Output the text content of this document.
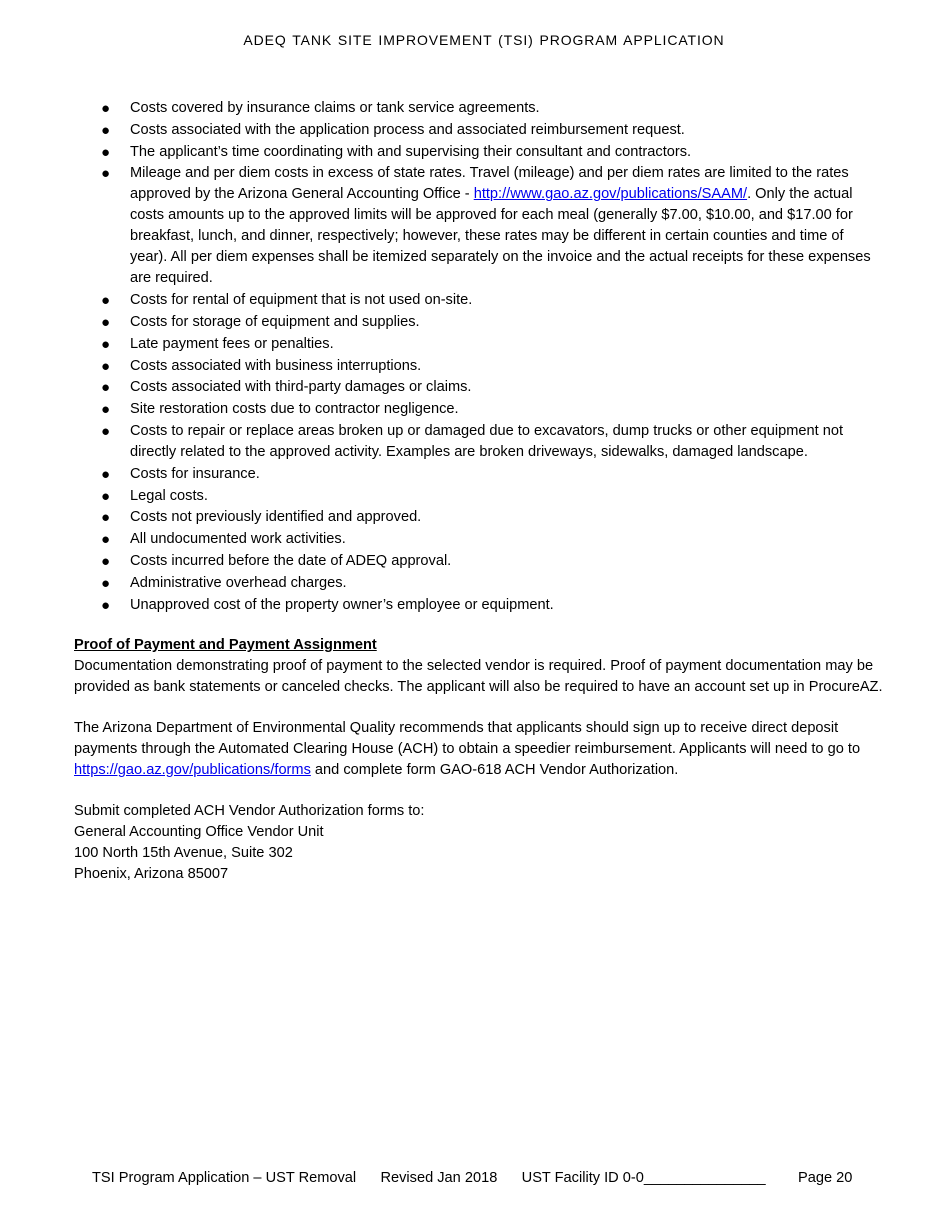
ADEQ TANK SITE IMPROVEMENT (TSI) PROGRAM APPLICATION
● Costs covered by insurance claims or tank service agreements.
● Costs associated with the application process and associated reimbursement request.
● The applicant’s time coordinating with and supervising their consultant and contractors.
● Mileage and per diem costs in excess of state rates. Travel (mileage) and per diem rates are limited to the rates approved by the Arizona General Accounting Office - http://www.gao.az.gov/publications/SAAM/. Only the actual costs amounts up to the approved limits will be approved for each meal (generally $7.00, $10.00, and $17.00 for breakfast, lunch, and dinner, respectively; however, these rates may be different in certain counties and time of year). All per diem expenses shall be itemized separately on the invoice and the actual receipts for these expenses are required.
● Costs for rental of equipment that is not used on-site.
● Costs for storage of equipment and supplies.
● Late payment fees or penalties.
● Costs associated with business interruptions.
● Costs associated with third-party damages or claims.
● Site restoration costs due to contractor negligence.
● Costs to repair or replace areas broken up or damaged due to excavators, dump trucks or other equipment not directly related to the approved activity. Examples are broken driveways, sidewalks, damaged landscape.
● Costs for insurance.
● Legal costs.
● Costs not previously identified and approved.
● All undocumented work activities.
● Costs incurred before the date of ADEQ approval.
● Administrative overhead charges.
● Unapproved cost of the property owner’s employee or equipment.
Proof of Payment and Payment Assignment
Documentation demonstrating proof of payment to the selected vendor is required. Proof of payment documentation may be provided as bank statements or canceled checks. The applicant will also be required to have an account set up in ProcureAZ.
The Arizona Department of Environmental Quality recommends that applicants should sign up to receive direct deposit payments through the Automated Clearing House (ACH) to obtain a speedier reimbursement. Applicants will need to go to https://gao.az.gov/publications/forms and complete form GAO-618 ACH Vendor Authorization.
Submit completed ACH Vendor Authorization forms to:
General Accounting Office Vendor Unit
100 North 15th Avenue, Suite 302
Phoenix, Arizona 85007
TSI Program Application – UST Removal Revised Jan 2018 UST Facility ID 0-0_______________ Page 20
